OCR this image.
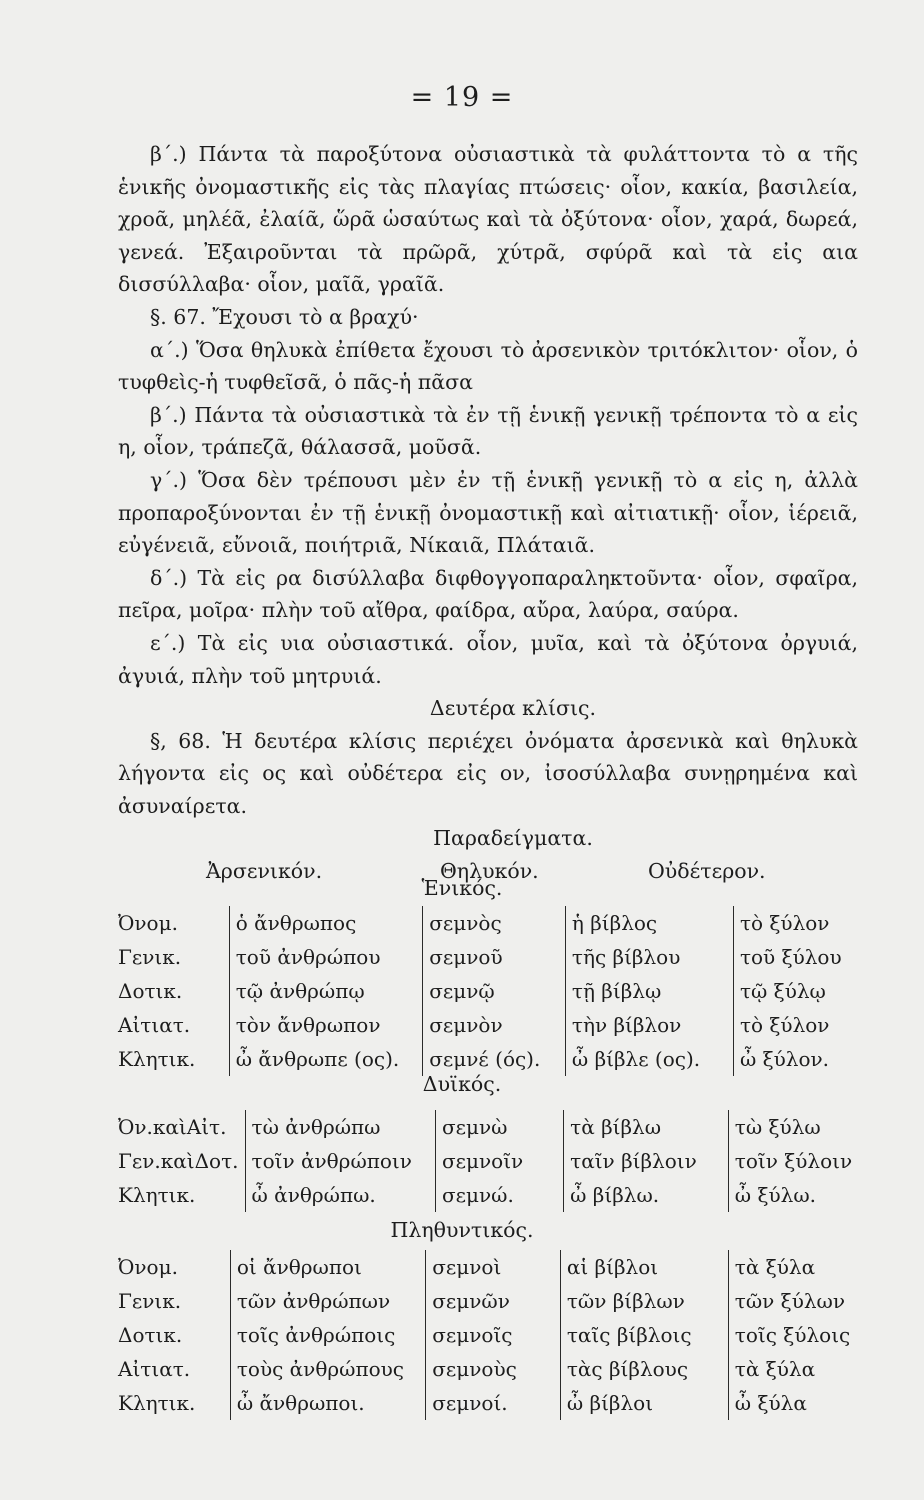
= 19 =

β΄.) Πάντα τὰ παροξύτονα οὐσιαστικὰ τὰ φυλάττοντα τὸ α τῆς ἑνικῆς ὀνομαστικῆς εἰς τὰς πλαγίας πτώσεις· οἷον, κακία, βασιλεία, χροᾶ, μηλέᾶ, ἐλαίᾶ, ὥρᾶ ὡσαύτως καὶ τὰ ὀξύτονα· οἷον, χαρά, δωρεά, γενεά. Ἐξαιροῦνται τὰ πρῶρᾶ, χύτρᾶ, σφύρᾶ καὶ τὰ εἰς αια δισσύλλαβα· οἷον, μαῖᾶ, γραῖᾶ.

§. 67. Ἔχουσι τὸ α βραχύ·

α΄.) Ὅσα θηλυκὰ ἐπίθετα ἔχουσι τὸ ἀρσενικὸν τριτόκλιτον· οἷον, ὁ τυφθεὶς-ἡ τυφθεῖσᾶ, ὁ πᾶς-ἡ πᾶσα

β΄.) Πάντα τὰ οὐσιαστικὰ τὰ ἐν τῇ ἑνικῇ γενικῇ τρέποντα τὸ α εἰς η, οἷον, τράπεζᾶ, θάλασσᾶ, μοῦσᾶ.

γ΄.) Ὅσα δὲν τρέπουσι μὲν ἐν τῇ ἑνικῇ γενικῇ τὸ α εἰς η, ἀλλὰ προπαροξύνονται ἐν τῇ ἑνικῇ ὀνομαστικῇ καὶ αἰτιατικῇ· οἷον, ἱέρειᾶ, εὐγένειᾶ, εὔνοιᾶ, ποιήτριᾶ, Νίκαιᾶ, Πλάταιᾶ.

δ΄.) Τὰ εἰς ρα δισύλλαβα διφθογγοπαραληκτοῦντα· οἷον, σφαῖρα, πεῖρα, μοῖρα· πλὴν τοῦ αἴθρα, φαίδρα, αὔρα, λαύρα, σαύρα.

ε΄.) Τὰ εἰς υια οὐσιαστικά. οἷον, μυῖα, καὶ τὰ ὀξύτονα ὀργυιά, ἀγυιά, πλὴν τοῦ μητρυιά.

Δευτέρα κλίσις.

§, 68. Ἡ δευτέρα κλίσις περιέχει ὀνόματα ἀρσενικὰ καὶ θηλυκὰ λήγοντα εἰς ος καὶ οὐδέτερα εἰς ον, ἰσοσύλλαβα συνῃρημένα καὶ ἀσυναίρετα.

Παραδείγματα.

Ἀρσενικόν.	Θηλυκόν.	Οὐδέτερον.
Ἑνικός.
Ὀνομ.	ὁ ἄνθρωπος	σεμνὸς	ἡ βίβλος	τὸ ξύλον
Γενικ.	τοῦ ἀνθρώπου	σεμνοῦ	τῆς βίβλου	τοῦ ξύλου
Δοτικ.	τῷ ἀνθρώπῳ	σεμνῷ	τῇ βίβλῳ	τῷ ξύλῳ
Αἰτιατ.	τὸν ἄνθρωπον	σεμνὸν	τὴν βίβλον	τὸ ξύλον
Κλητικ.	ὦ ἄνθρωπε (ος).	σεμνέ (ός).	ὦ βίβλε (ος).	ὦ ξύλον.
Δυϊκός.
Ὀν.καὶΑἰτ.	τὼ ἀνθρώπω	σεμνὼ	τὰ βίβλω	τὼ ξύλω
Γεν.καὶΔοτ.	τοῖν ἀνθρώποιν	σεμνοῖν	ταῖν βίβλοιν	τοῖν ξύλοιν
Κλητικ.	ὦ ἀνθρώπω.	σεμνώ.	ὦ βίβλω.	ὦ ξύλω.
Πληθυντικός.
Ὀνομ.	οἱ ἄνθρωποι	σεμνοὶ	αἱ βίβλοι	τὰ ξύλα
Γενικ.	τῶν ἀνθρώπων	σεμνῶν	τῶν βίβλων	τῶν ξύλων
Δοτικ.	τοῖς ἀνθρώποις	σεμνοῖς	ταῖς βίβλοις	τοῖς ξύλοις
Αἰτιατ.	τοὺς ἀνθρώπους	σεμνοὺς	τὰς βίβλους	τὰ ξύλα
Κλητικ.	ὦ ἄνθρωποι.	σεμνοί.	ὦ βίβλοι	ὦ ξύλα
